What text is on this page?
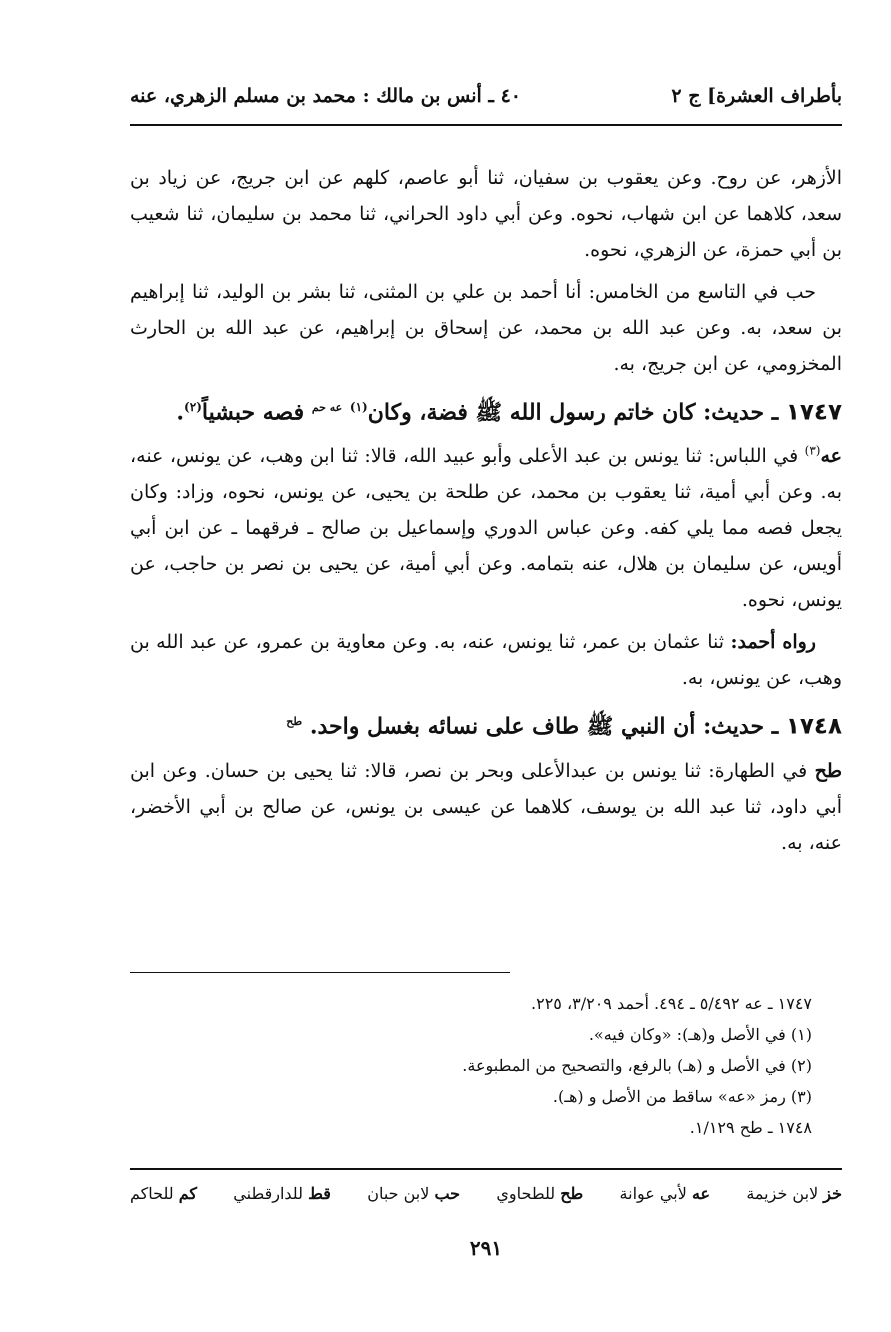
بأطراف العشرة] ج ٢
٤٠ ـ أنس بن مالك : محمد بن مسلم الزهري، عنه

الأزهر، عن روح. وعن يعقوب بن سفيان، ثنا أبو عاصم، كلهم عن ابن جريج، عن زياد بن سعد، كلاهما عن ابن شهاب، نحوه. وعن أبي داود الحراني، ثنا محمد بن سليمان، ثنا شعيب بن أبي حمزة، عن الزهري، نحوه.

حب في التاسع من الخامس: أنا أحمد بن علي بن المثنى، ثنا بشر بن الوليد، ثنا إبراهيم بن سعد، به. وعن عبد الله بن محمد، عن إسحاق بن إبراهيم، عن عبد الله بن الحارث المخزومي، عن ابن جريج، به.

١٧٤٧ ـ حديث: كان خاتم رسول الله ﷺ فضة، وكان$^{(١)}$ $^{عه حم}$ فصه حبشياً$^{(٢)}$.

عه$^{(٣)}$ في اللباس: ثنا يونس بن عبد الأعلى وأبو عبيد الله، قالا: ثنا ابن وهب، عن يونس، عنه، به. وعن أبي أمية، ثنا يعقوب بن محمد، عن طلحة بن يحيى، عن يونس، نحوه، وزاد: وكان يجعل فصه مما يلي كفه. وعن عباس الدوري وإسماعيل بن صالح ـ فرقهما ـ عن ابن أبي أويس، عن سليمان بن هلال، عنه بتمامه. وعن أبي أمية، عن يحيى بن نصر بن حاجب، عن يونس، نحوه.

رواه أحمد: ثنا عثمان بن عمر، ثنا يونس، عنه، به. وعن معاوية بن عمرو، عن عبد الله بن وهب، عن يونس، به.

١٧٤٨ ـ حديث: أن النبي ﷺ طاف على نسائه بغسل واحد. $^{طح}$

طح في الطهارة: ثنا يونس بن عبدالأعلى وبحر بن نصر، قالا: ثنا يحيى بن حسان. وعن ابن أبي داود، ثنا عبد الله بن يوسف، كلاهما عن عيسى بن يونس، عن صالح بن أبي الأخضر، عنه، به.

١٧٤٧ ـ عه ٥/٤٩٢ ـ ٤٩٤. أحمد ٣/٢٠٩، ٢٢٥.

(١) في الأصل و(هـ): «وكان فيه».

(٢) في الأصل و (هـ) بالرفع، والتصحيح من المطبوعة.

(٣) رمز «عه» ساقط من الأصل و (هـ).

١٧٤٨ ـ طح ١/١٢٩.

خز لابن خزيمة
عه لأبي عوانة
طح للطحاوي
حب لابن حبان
قط للدارقطني
كم للحاكم
٢٩١
